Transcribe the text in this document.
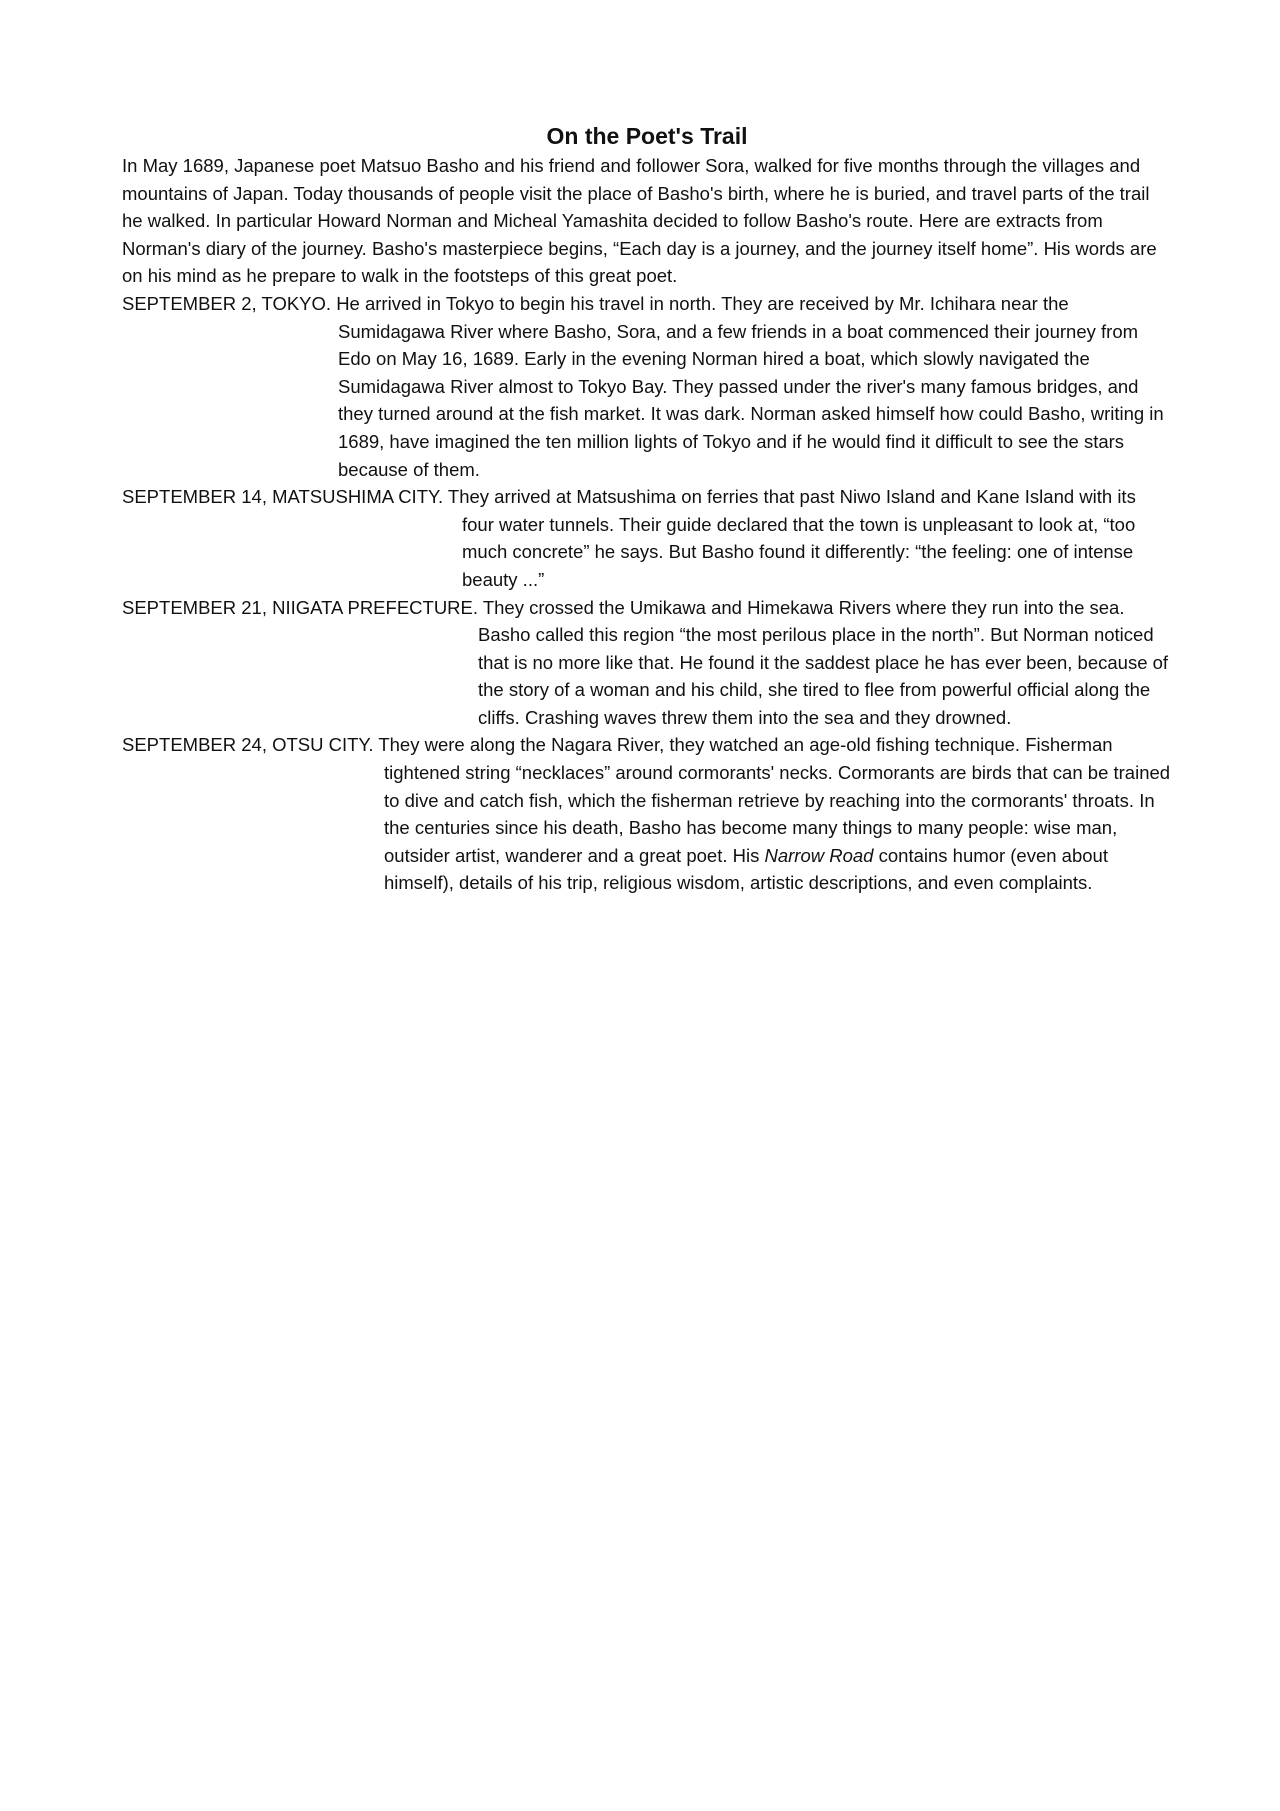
On the Poet's Trail

In May 1689, Japanese poet Matsuo Basho and his friend and follower Sora, walked for five months through the villages and mountains of Japan. Today thousands of people visit the place of Basho's birth, where he is buried, and travel parts of the trail he walked. In particular Howard Norman and Micheal Yamashita decided to follow Basho's route. Here are extracts from Norman's diary of the journey. Basho's masterpiece begins, “Each day is a journey, and the journey itself home”. His words are on his mind as he prepare to walk in the footsteps of this great poet.

SEPTEMBER 2, TOKYO. He arrived in Tokyo to begin his travel in north. They are received by Mr. Ichihara near the Sumidagawa River where Basho, Sora, and a few friends in a boat commenced their journey from Edo on May 16, 1689. Early in the evening Norman hired a boat, which slowly navigated the Sumidagawa River almost to Tokyo Bay. They passed under the river's many famous bridges, and they turned around at the fish market. It was dark. Norman asked himself how could Basho, writing in 1689, have imagined the ten million lights of Tokyo and if he would find it difficult to see the stars because of them.

SEPTEMBER 14, MATSUSHIMA CITY. They arrived at Matsushima on ferries that past Niwo Island and Kane Island with its four water tunnels. Their guide declared that the town is unpleasant to look at, “too much concrete” he says. But Basho found it differently: “the feeling: one of intense beauty ...”

SEPTEMBER 21, NIIGATA PREFECTURE. They crossed the Umikawa and Himekawa Rivers where they run into the sea. Basho called this region “the most perilous place in the north”. But Norman noticed that is no more like that. He found it the saddest place he has ever been, because of the story of a woman and his child, she tired to flee from powerful official along the cliffs. Crashing waves threw them into the sea and they drowned.

SEPTEMBER 24, OTSU CITY. They were along the Nagara River, they watched an age-old fishing technique. Fisherman tightened string “necklaces” around cormorants' necks. Cormorants are birds that can be trained to dive and catch fish, which the fisherman retrieve by reaching into the cormorants' throats. In the centuries since his death, Basho has become many things to many people: wise man, outsider artist, wanderer and a great poet. His Narrow Road contains humor (even about himself), details of his trip, religious wisdom, artistic descriptions, and even complaints.
